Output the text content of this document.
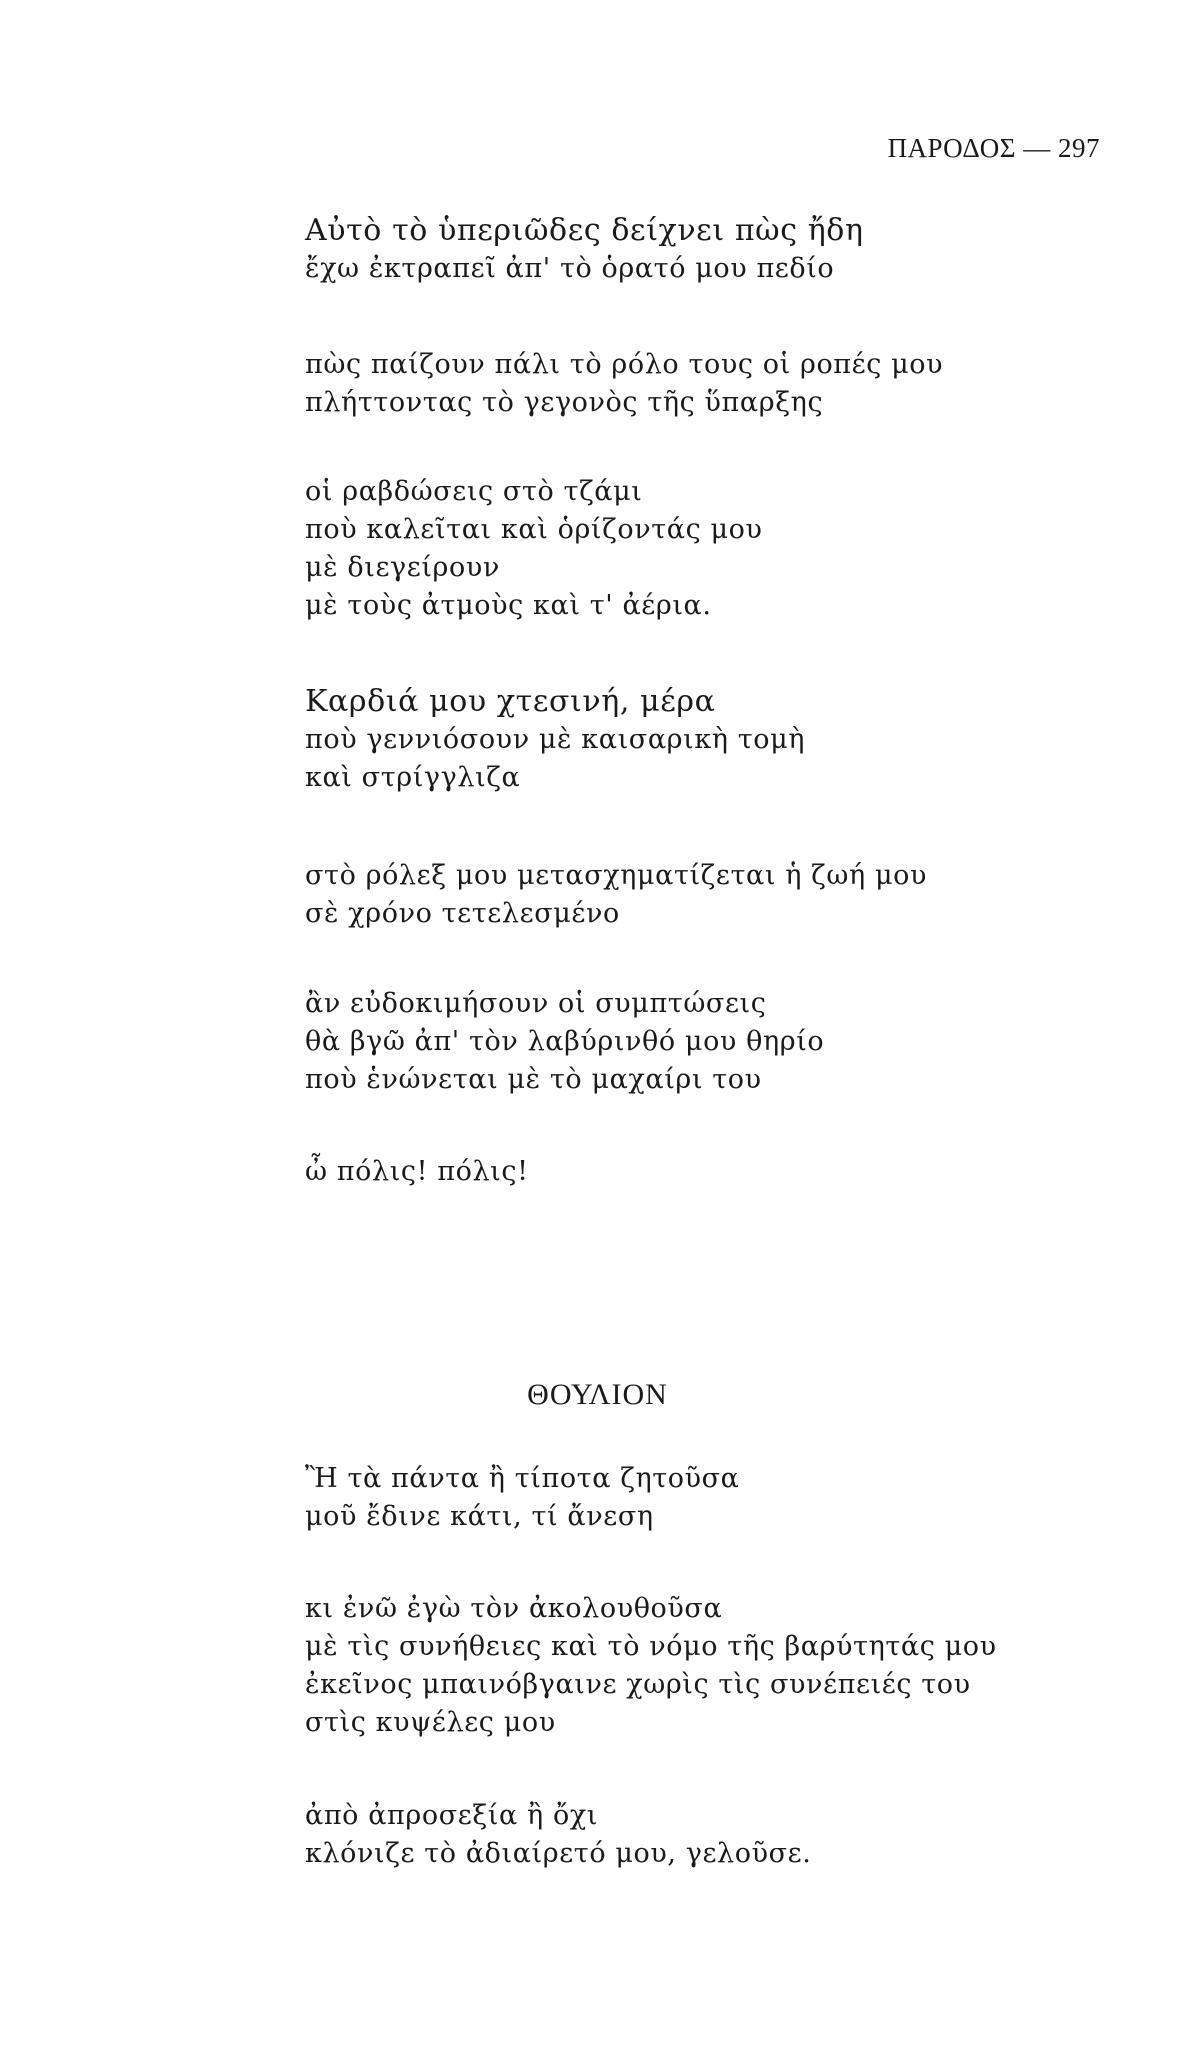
ΠΑΡΟΔΟΣ — 297
Αὐτὸ τὸ ὑπεριῶδες δείχνει πὼς ἤδη
ἔχω ἐκτραπεῖ ἀπ' τὸ ὁρατό μου πεδίο
πὼς παίζουν πάλι τὸ ρόλο τους οἱ ροπές μου
πλήττοντας τὸ γεγονὸς τῆς ὕπαρξης
οἱ ραβδώσεις στὸ τζάμι
ποὺ καλεῖται καὶ ὁρίζοντάς μου
μὲ διεγείρουν
μὲ τοὺς ἀτμοὺς καὶ τ' ἀέρια.
Καρδιά μου χτεσινή, μέρα
ποὺ γεννιόσουν μὲ καισαρικὴ τομὴ
καὶ στρίγγλιζα
στὸ ρόλεξ μου μετασχηματίζεται ἡ ζωή μου
σὲ χρόνο τετελεσμένο
ἂν εὐδοκιμήσουν οἱ συμπτώσεις
θὰ βγῶ ἀπ' τὸν λαβύρινθό μου θηρίο
ποὺ ἑνώνεται μὲ τὸ μαχαίρι του
ὦ πόλις! πόλις!
ΘΟΥΛΙΟΝ
Ἢ τὰ πάντα ἢ τίποτα ζητοῦσα
μοῦ ἔδινε κάτι, τί ἄνεση
κι ἐνῶ ἐγὼ τὸν ἀκολουθοῦσα
μὲ τὶς συνήθειες καὶ τὸ νόμο τῆς βαρύτητάς μου
ἐκεῖνος μπαινόβγαινε χωρὶς τὶς συνέπειές του
στὶς κυψέλες μου
ἀπὸ ἀπροσεξία ἢ ὄχι
κλόνιζε τὸ ἀδιαίρετό μου, γελοῦσε.
